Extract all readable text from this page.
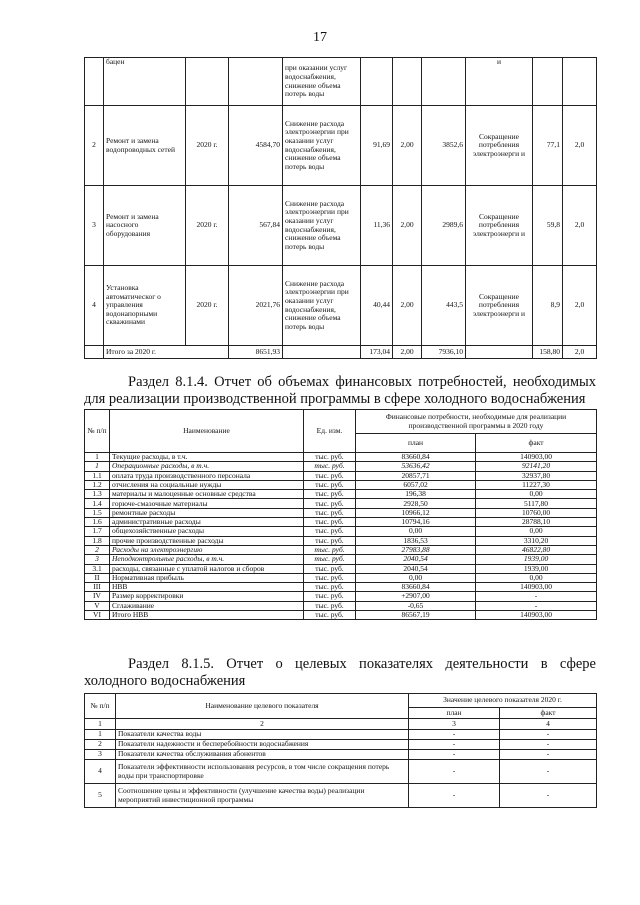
17
	бацен			при оказании услуг водоснабжения, снижение объема потерь воды				и		
2	Ремонт и замена водопроводных сетей	2020 г.	4584,70	Снижение расхода электроэнергии при оказании услуг водоснабжения, снижение объема потерь воды	91,69	2,00	3852,6	Сокращение потребления электроэнерги и	77,1	2,0
3	Ремонт и замена насосного оборудования	2020 г.	567,84	Снижение расхода электроэнергии при оказании услуг водоснабжения, снижение объема потерь воды	11,36	2,00	2989,6	Сокращение потребления электроэнерги и	59,8	2,0
4	Установка автоматическог о управления водонапорными скважинами	2020 г.	2021,76	Снижение расхода электроэнергии при оказании услуг водоснабжения, снижение объема потерь воды	40,44	2,00	443,5	Сокращение потребления электроэнерги и	8,9	2,0
	Итого за 2020 г.		8651,93		173,04	2,00	7936,10		158,80	2,0
Раздел 8.1.4. Отчет об объемах финансовых потребностей, необходимых
для реализации производственной программы в сфере холодного водоснабжения
№ п/п	Наименование	Ед. изм.	Финансовые потребности, необходимые для реализации производственной программы в 2020 году	
			план	факт
1	Текущие расходы, в т.ч.	тыс. руб.	83660,84	140903,00
1	Операционные расходы, в т.ч.	тыс. руб.	53636,42	92141,20
1.1	оплата труда производственного персонала	тыс. руб.	20857,71	32937,80
1.2	отчисления на социальные нужды	тыс. руб.	6057,02	11227,30
1.3	материалы и малоценные основные средства	тыс. руб.	196,38	0,00
1.4	горюче-смазочные материалы	тыс. руб.	2928,50	5117,80
1.5	ремонтные расходы	тыс. руб.	10966,12	10760,00
1.6	административные расходы	тыс. руб.	10794,16	28788,10
1.7	общехозяйственные расходы	тыс. руб.	0,00	0,00
1.8	прочие производственные расходы	тыс. руб.	1836,53	3310,20
2	Расходы на электроэнергию	тыс. руб.	27983,88	46822,80
3	Неподконтрольные расходы, в т.ч.	тыс. руб.	2040,54	1939,00
3.1	расходы, связанные с уплатой налогов и сборов	тыс. руб.	2040,54	1939,00
II	Нормативная прибыль	тыс. руб.	0,00	0,00
III	НВВ	тыс. руб.	83660,84	140903,00
IV	Размер корректировки	тыс. руб.	+2907,00	-
V	Сглаживание	тыс. руб.	-0,65	-
VI	Итого НВВ	тыс. руб.	86567,19	140903,00
Раздел 8.1.5. Отчет о целевых показателях деятельности в сфере
холодного водоснабжения
№ п/п	Наименование целевого показателя	Значение целевого показателя 2020 г.	
		план	факт
1	2	3	4
1	Показатели качества воды	-	-
2	Показатели надежности и бесперебойности водоснабжения	-	-
3	Показатели качества обслуживания абонентов	-	-
4	Показатели эффективности использования ресурсов, в том числе сокращения потерь воды при транспортировке	-	-
5	Соотношение цены и эффективности (улучшение качества воды) реализации мероприятий инвестиционной программы	-	-
